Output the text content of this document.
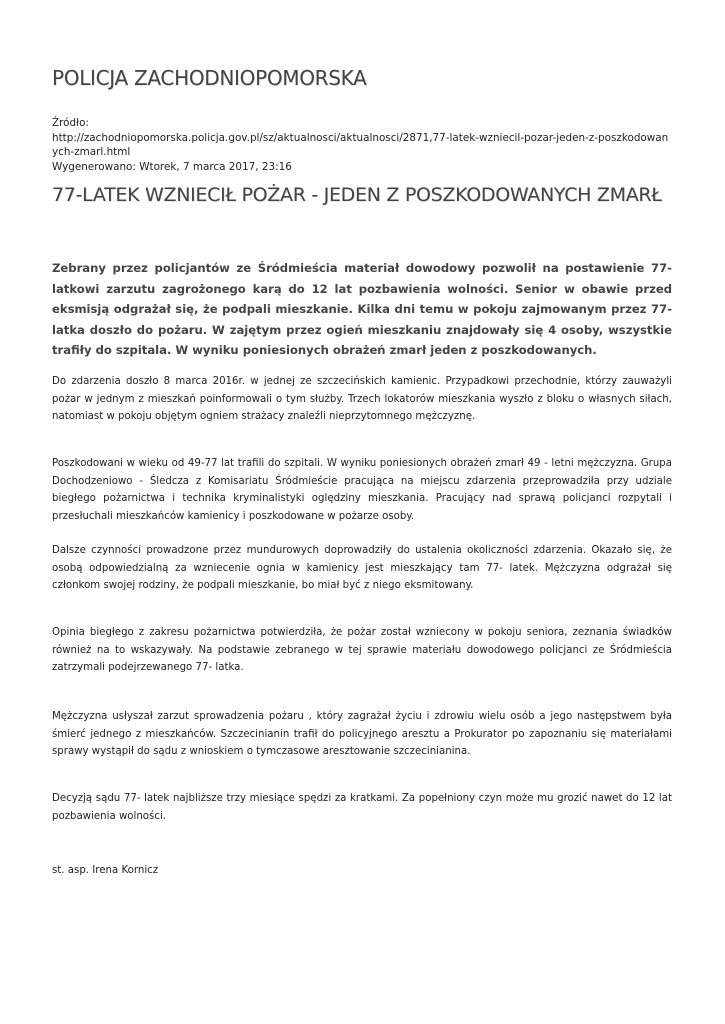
POLICJA ZACHODNIOPOMORSKA
Źródło:
http://zachodniopomorska.policja.gov.pl/sz/aktualnosci/aktualnosci/2871,77-latek-wzniecil-pozar-jeden-z-poszkodowanych-zmarl.html
Wygenerowano: Wtorek, 7 marca 2017, 23:16
77-LATEK WZNIECIŁ POŻAR - JEDEN Z POSZKODOWANYCH ZMARŁ

Zebrany przez policjantów ze Śródmieścia materiał dowodowy pozwolił na postawienie 77- latkowi zarzutu zagrożonego karą do 12 lat pozbawienia wolności. Senior w obawie przed eksmisją odgrażał się, że podpali mieszkanie. Kilka dni temu w pokoju zajmowanym przez 77- latka doszło do pożaru. W zajętym przez ogień mieszkaniu znajdowały się 4 osoby, wszystkie trafiły do szpitala. W wyniku poniesionych obrażeń zmarł jeden z poszkodowanych.

Do zdarzenia doszło 8 marca 2016r. w jednej ze szczecińskich kamienic. Przypadkowi przechodnie, którzy zauważyli pożar w jednym z mieszkań poinformowali o tym służby. Trzech lokatorów mieszkania wyszło z bloku o własnych siłach, natomiast w pokoju objętym ogniem strażacy znaleźli nieprzytomnego mężczyznę.

Poszkodowani w wieku od 49-77 lat trafili do szpitali. W wyniku poniesionych obrażeń zmarł 49 - letni mężczyzna. Grupa Dochodzeniowo - Śledcza z Komisariatu Śródmieście pracująca na miejscu zdarzenia przeprowadziła przy udziale biegłego pożarnictwa i technika kryminalistyki oględziny mieszkania. Pracujący nad sprawą policjanci rozpytali i przesłuchali mieszkańców kamienicy i poszkodowane w pożarze osoby.

Dalsze czynności prowadzone przez mundurowych doprowadziły do ustalenia okoliczności zdarzenia. Okazało się, że osobą odpowiedzialną za wzniecenie ognia w kamienicy jest mieszkający tam 77- latek. Mężczyzna odgrażał się członkom swojej rodziny, że podpali mieszkanie, bo miał być z niego eksmitowany.

Opinia biegłego z zakresu pożarnictwa potwierdziła, że pożar został wzniecony w pokoju seniora, zeznania świadków również na to wskazywały. Na podstawie zebranego w tej sprawie materiału dowodowego policjanci ze Śródmieścia zatrzymali podejrzewanego 77- latka.

Mężczyzna usłyszał zarzut sprowadzenia pożaru , który zagrażał życiu i zdrowiu wielu osób a jego następstwem była śmierć jednego z mieszkańców. Szczecinianin trafił do policyjnego aresztu a Prokurator po zapoznaniu się materiałami sprawy wystąpił do sądu z wnioskiem o tymczasowe aresztowanie szczecinianina.

Decyzją sądu 77- latek najbliższe trzy miesiące spędzi za kratkami. Za popełniony czyn może mu grozić nawet do 12 lat pozbawienia wolności.

st. asp. Irena Kornicz
